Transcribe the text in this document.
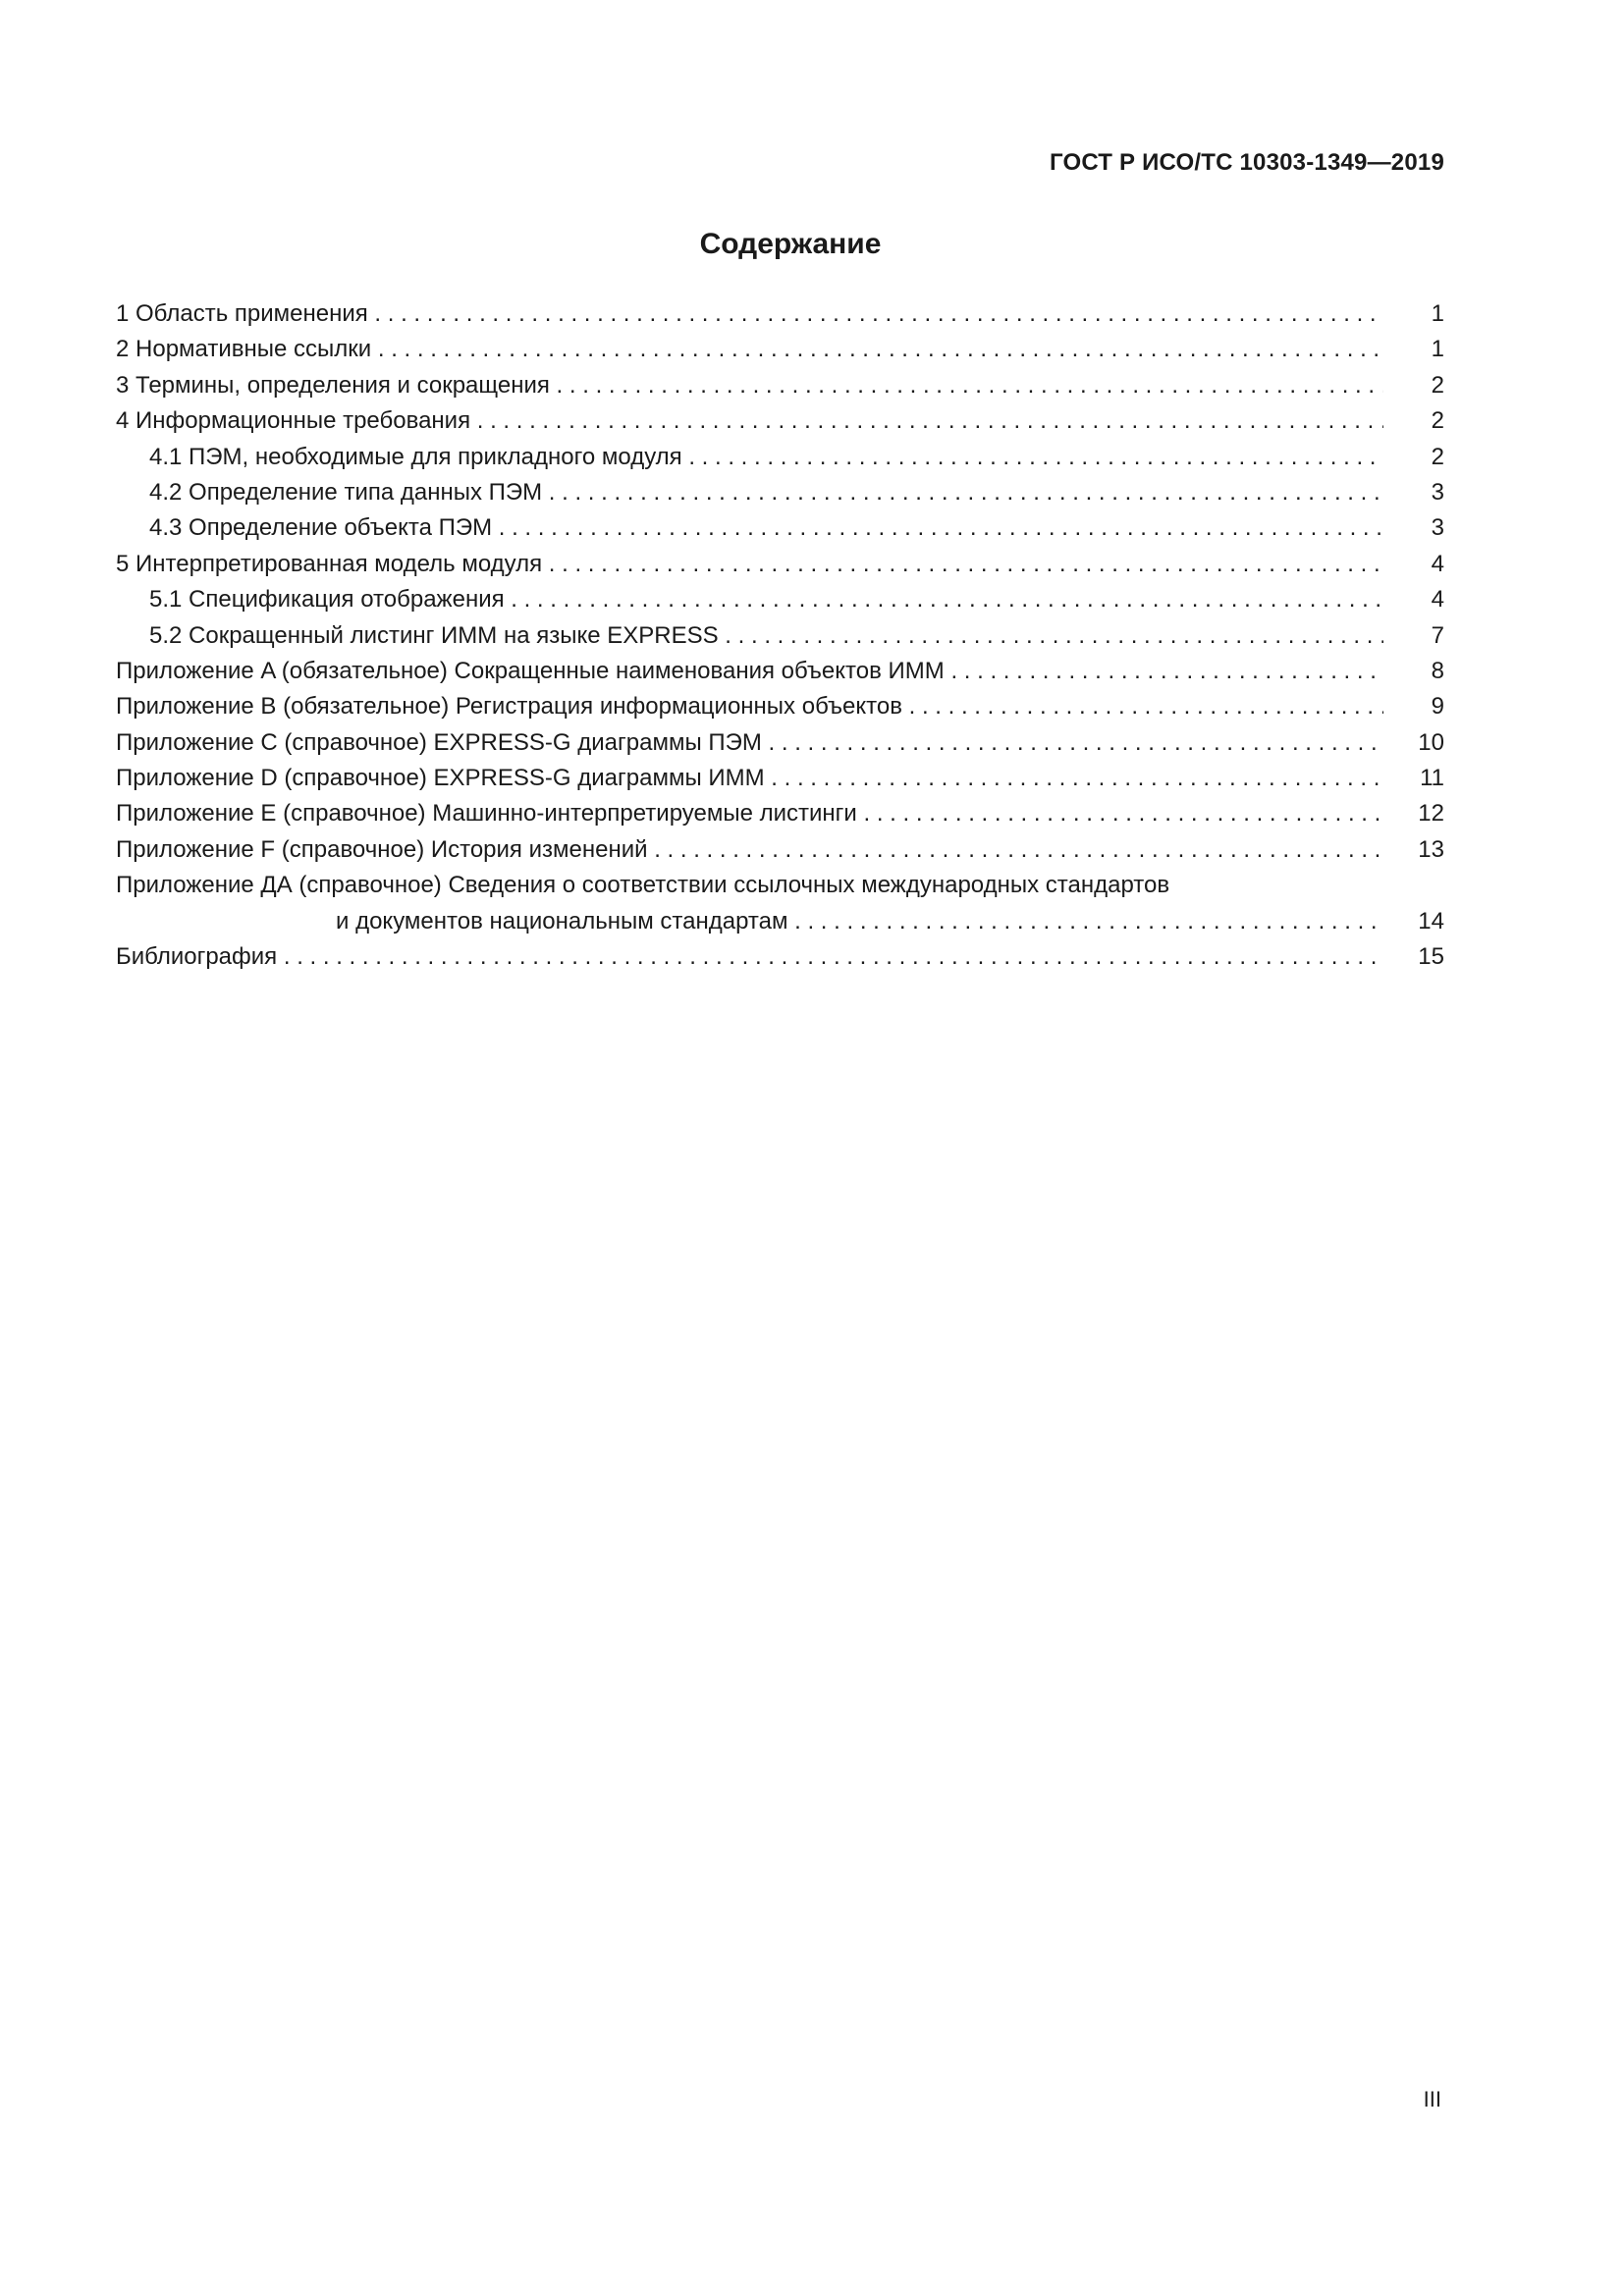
ГОСТ Р ИСО/ТС 10303-1349—2019
Содержание
1 Область применения . . .	1
2 Нормативные ссылки . . .	1
3 Термины, определения и сокращения . . .	2
4 Информационные требования . . .	2
4.1 ПЭМ, необходимые для прикладного модуля . . .	2
4.2 Определение типа данных ПЭМ . . .	3
4.3 Определение объекта ПЭМ . . .	3
5 Интерпретированная модель модуля . . .	4
5.1 Спецификация отображения . . .	4
5.2 Сокращенный листинг ИММ на языке EXPRESS . . .	7
Приложение A (обязательное) Сокращенные наименования объектов ИММ . . .	8
Приложение B (обязательное) Регистрация информационных объектов . . .	9
Приложение C (справочное) EXPRESS-G диаграммы ПЭМ . . .	10
Приложение D (справочное) EXPRESS-G диаграммы ИММ . . .	11
Приложение E (справочное) Машинно-интерпретируемые листинги . . .	12
Приложение F (справочное) История изменений . . .	13
Приложение ДА (справочное) Сведения о соответствии ссылочных международных стандартов
и документов национальным стандартам . . .	14
Библиография . . .	15
III
